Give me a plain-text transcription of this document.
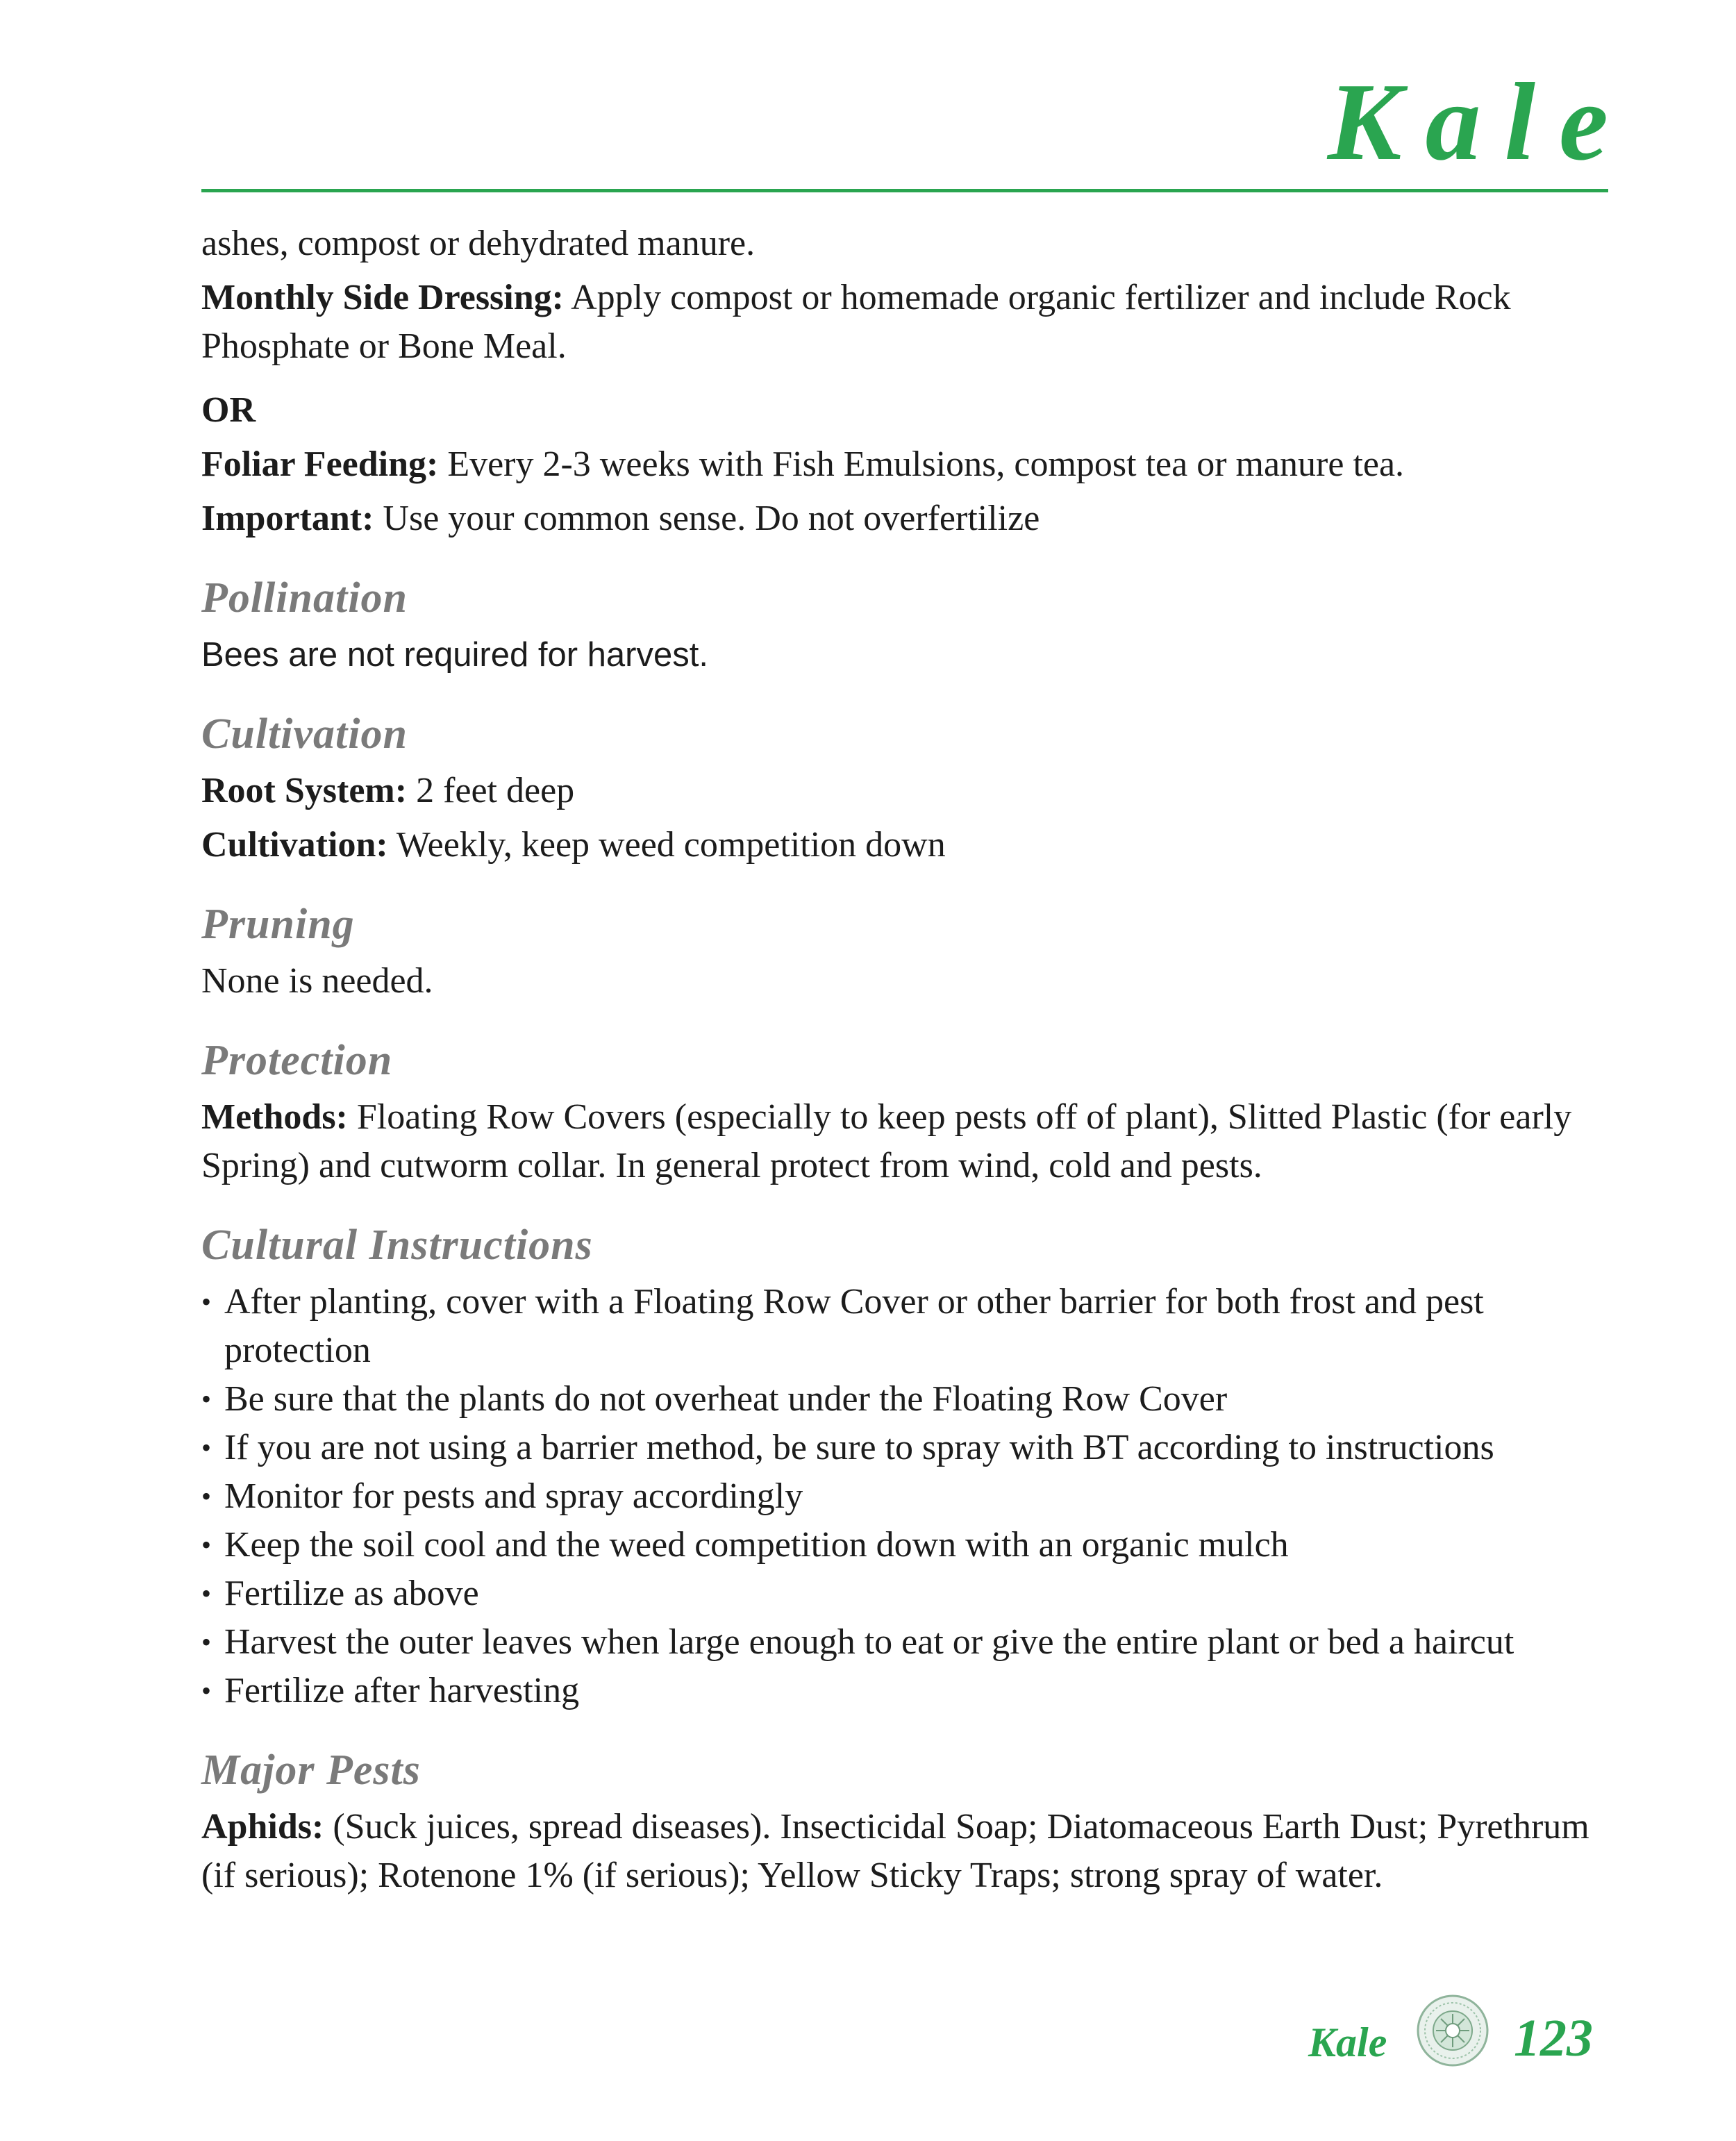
Kale

ashes, compost or dehydrated manure.

Monthly Side Dressing: Apply compost or homemade organic fertilizer and include Rock Phosphate or Bone Meal.

OR

Foliar Feeding: Every 2-3 weeks with Fish Emulsions, compost tea or manure tea.

Important: Use your common sense. Do not overfertilize

Pollination

Bees are not required for harvest.

Cultivation

Root System: 2 feet deep

Cultivation: Weekly, keep weed competition down

Pruning

None is needed.

Protection

Methods: Floating Row Covers (especially to keep pests off of plant), Slitted Plastic (for early Spring) and cutworm collar. In general protect from wind, cold and pests.

Cultural Instructions
• After planting, cover with a Floating Row Cover or other barrier for both frost and pest protection
• Be sure that the plants do not overheat under the Floating Row Cover
• If you are not using a barrier method, be sure to spray with BT according to instructions
• Monitor for pests and spray accordingly
• Keep the soil cool and the weed competition down with an organic mulch
• Fertilize as above
• Harvest the outer leaves when large enough to eat or give the entire plant or bed a haircut
• Fertilize after harvesting
Major Pests

Aphids: (Suck juices, spread diseases). Insecticidal Soap; Diatomaceous Earth Dust; Pyrethrum (if serious); Rotenone 1% (if serious); Yellow Sticky Traps; strong spray of water.

Kale 123
